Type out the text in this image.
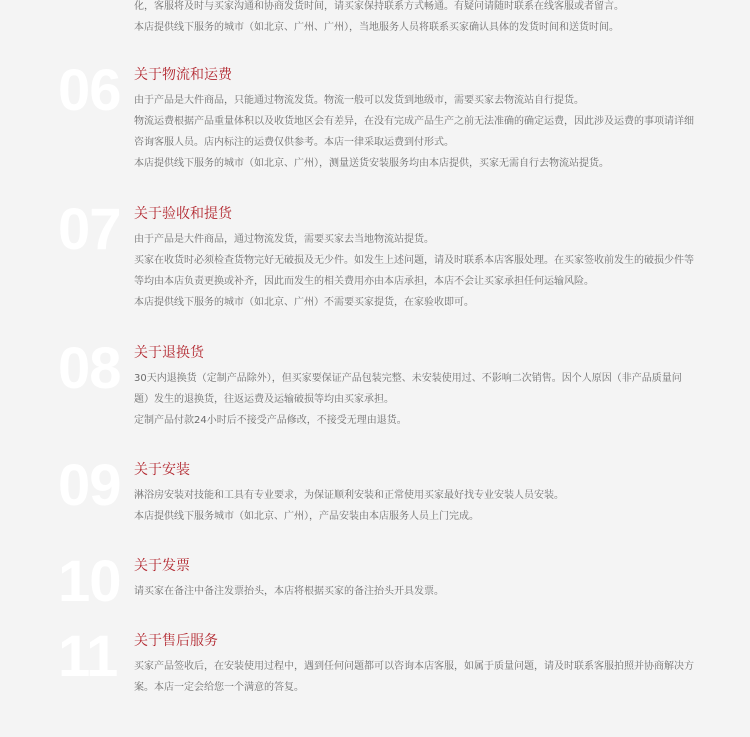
化，客服将及时与买家沟通和协商发货时间，请买家保持联系方式畅通。有疑问请随时联系在线客服或者留言。
本店提供线下服务的城市（如北京、广州、广州），当地服务人员将联系买家确认具体的发货时间和送货时间。
06 关于物流和运费
由于产品是大件商品，只能通过物流发货。物流一般可以发货到地级市，需要买家去物流站自行提货。
物流运费根据产品重量体积以及收货地区会有差异，在没有完成产品生产之前无法准确的确定运费，因此涉及运费的事项请详细
咨询客服人员。店内标注的运费仅供参考。本店一律采取运费到付形式。
本店提供线下服务的城市（如北京、广州），测量送货安装服务均由本店提供，买家无需自行去物流站提货。
07 关于验收和提货
由于产品是大件商品，通过物流发货，需要买家去当地物流站提货。
买家在收货时必须检查货物完好无破损及无少件。如发生上述问题，请及时联系本店客服处理。在买家签收前发生的破损少件等
等均由本店负责更换或补齐，因此而发生的相关费用亦由本店承担，本店不会让买家承担任何运输风险。
本店提供线下服务的城市（如北京、广州）不需要买家提货，在家验收即可。
08 关于退换货
30天内退换货（定制产品除外），但买家要保证产品包装完整、未安装使用过、不影响二次销售。因个人原因（非产品质量问
题）发生的退换货，往返运费及运输破损等均由买家承担。
定制产品付款24小时后不接受产品修改，不接受无理由退货。
09 关于安装
淋浴房安装对技能和工具有专业要求，为保证顺利安装和正常使用买家最好找专业安装人员安装。
本店提供线下服务城市（如北京、广州），产品安装由本店服务人员上门完成。
10 关于发票
请买家在备注中备注发票抬头，本店将根据买家的备注抬头开具发票。
11 关于售后服务
买家产品签收后，在安装使用过程中，遇到任何问题都可以咨询本店客服，如属于质量问题，请及时联系客服拍照并协商解决方
案。本店一定会给您一个满意的答复。
